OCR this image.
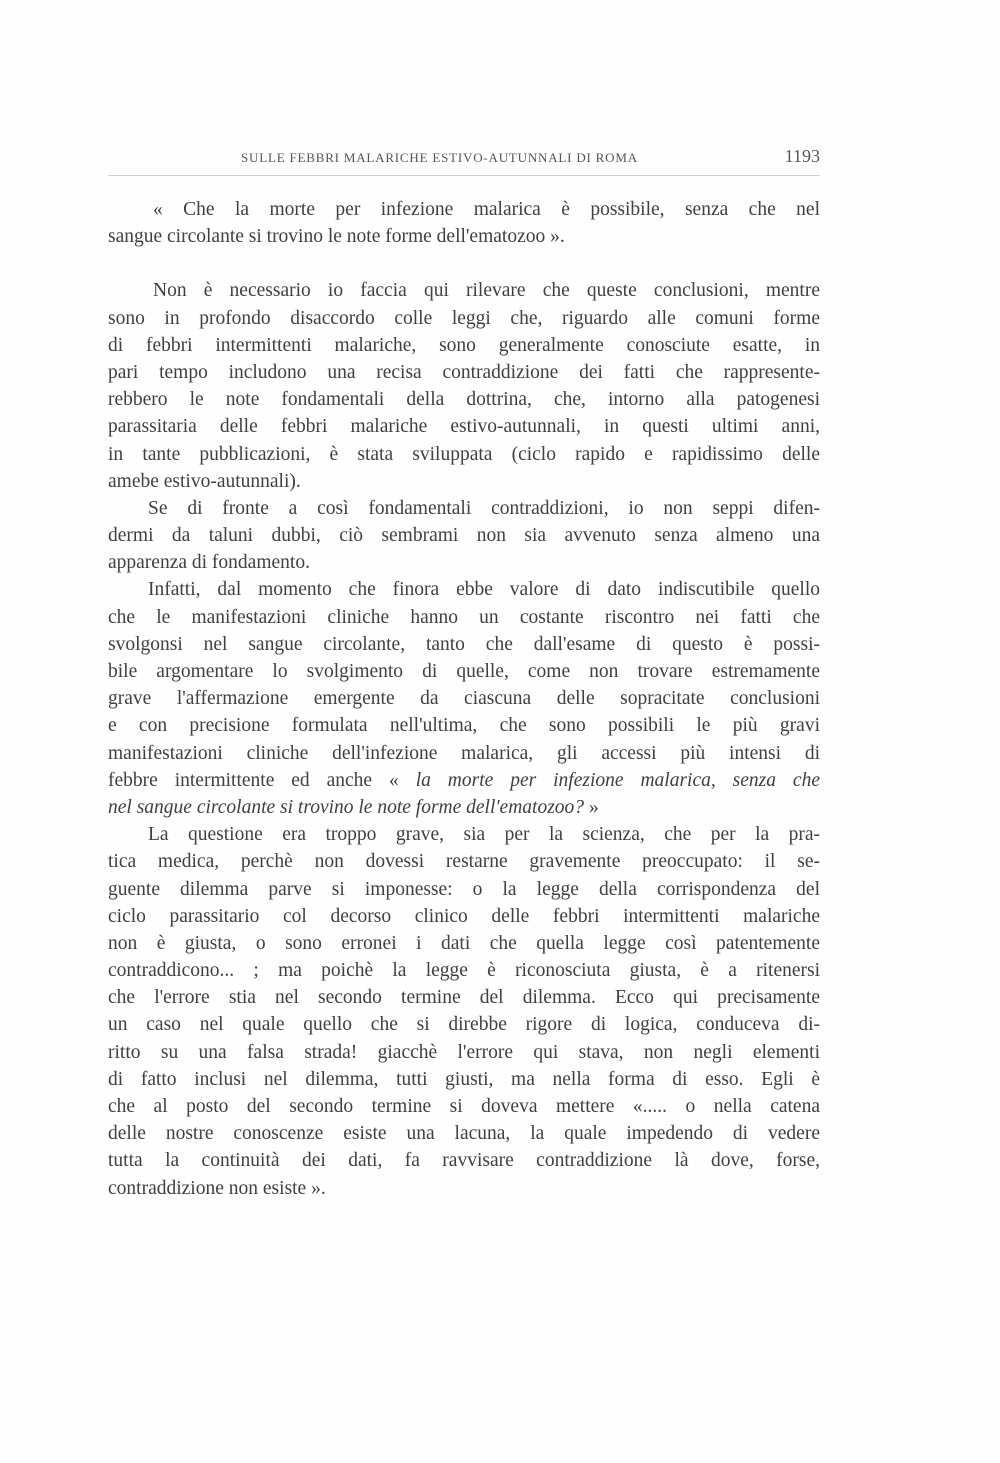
SULLE FEBBRI MALARICHE ESTIVO-AUTUNNALI DI ROMA	1193
« Che la morte per infezione malarica è possibile, senza che nel
sangue circolante si trovino le note forme dell'ematozoo ».
Non è necessario io faccia qui rilevare che queste conclusioni, mentre
sono in profondo disaccordo colle leggi che, riguardo alle comuni forme
di febbri intermittenti malariche, sono generalmente conosciute esatte, in
pari tempo includono una recisa contraddizione dei fatti che rappresente-
rebbero le note fondamentali della dottrina, che, intorno alla patogenesi
parassitaria delle febbri malariche estivo-autunnali, in questi ultimi anni,
in tante pubblicazioni, è stata sviluppata (ciclo rapido e rapidissimo delle
amebe estivo-autunnali).
Se di fronte a così fondamentali contraddizioni, io non seppi difen-
dermi da taluni dubbi, ciò sembrami non sia avvenuto senza almeno una
apparenza di fondamento.
Infatti, dal momento che finora ebbe valore di dato indiscutibile quello
che le manifestazioni cliniche hanno un costante riscontro nei fatti che
svolgonsi nel sangue circolante, tanto che dall'esame di questo è possi-
bile argomentare lo svolgimento di quelle, come non trovare estremamente
grave l'affermazione emergente da ciascuna delle sopracitate conclusioni
e con precisione formulata nell'ultima, che sono possibili le più gravi
manifestazioni cliniche dell'infezione malarica, gli accessi più intensi di
febbre intermittente ed anche « la morte per infezione malarica, senza che
nel sangue circolante si trovino le note forme dell'ematozoo? »
La questione era troppo grave, sia per la scienza, che per la pra-
tica medica, perchè non dovessi restarne gravemente preoccupato: il se-
guente dilemma parve si imponesse: o la legge della corrispondenza del
ciclo parassitario col decorso clinico delle febbri intermittenti malariche
non è giusta, o sono erronei i dati che quella legge così patentemente
contraddicono... ; ma poichè la legge è riconosciuta giusta, è a ritenersi
che l'errore stia nel secondo termine del dilemma. Ecco qui precisamente
un caso nel quale quello che si direbbe rigore di logica, conduceva di-
ritto su una falsa strada! giacchè l'errore qui stava, non negli elementi
di fatto inclusi nel dilemma, tutti giusti, ma nella forma di esso. Egli è
che al posto del secondo termine si doveva mettere «..... o nella catena
delle nostre conoscenze esiste una lacuna, la quale impedendo di vedere
tutta la continuità dei dati, fa ravvisare contraddizione là dove, forse,
contraddizione non esiste ».
